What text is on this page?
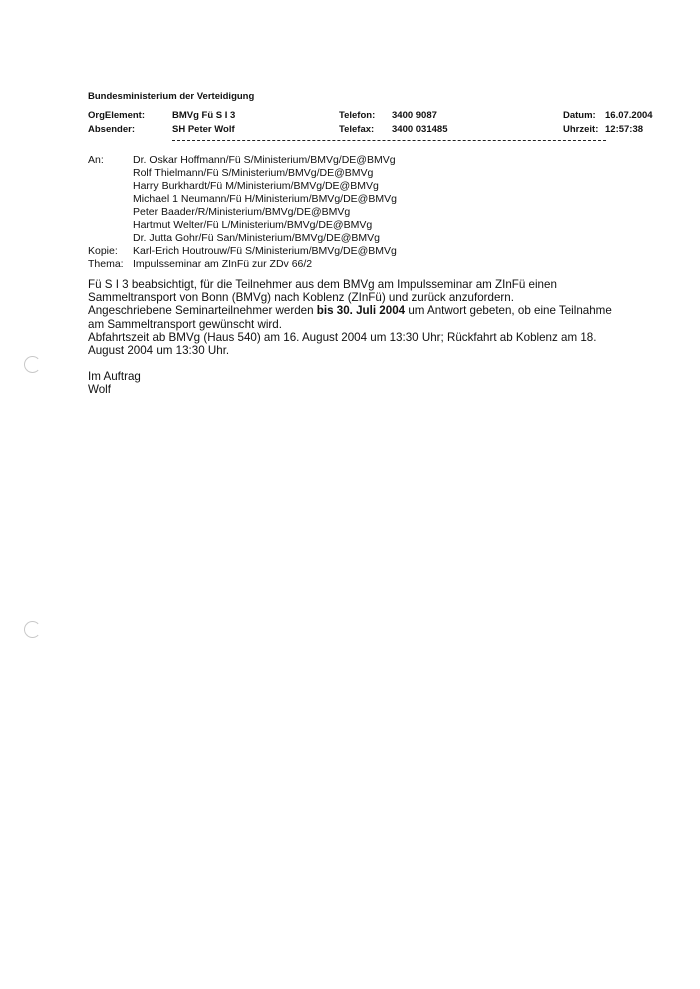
Bundesministerium der Verteidigung
OrgElement:	BMVg Fü S I 3	Telefon: 3400 9087	Datum: 16.07.2004
Absender:	SH Peter Wolf	Telefax: 3400 031485	Uhrzeit: 12:57:38
An:	Dr. Oskar Hoffmann/Fü S/Ministerium/BMVg/DE@BMVg
Rolf Thielmann/Fü S/Ministerium/BMVg/DE@BMVg
Harry Burkhardt/Fü M/Ministerium/BMVg/DE@BMVg
Michael 1 Neumann/Fü H/Ministerium/BMVg/DE@BMVg
Peter Baader/R/Ministerium/BMVg/DE@BMVg
Hartmut Welter/Fü L/Ministerium/BMVg/DE@BMVg
Dr. Jutta Gohr/Fü San/Ministerium/BMVg/DE@BMVg
Kopie: Karl-Erich Houtrouw/Fü S/Ministerium/BMVg/DE@BMVg
Thema: Impulsseminar am ZInFü zur ZDv 66/2

Fü S I 3 beabsichtigt, für die Teilnehmer aus dem BMVg am Impulsseminar am ZInFü einen Sammeltransport von Bonn (BMVg) nach Koblenz (ZInFü) und zurück anzufordern.

Angeschriebene Seminarteilnehmer werden bis 30. Juli 2004 um Antwort gebeten, ob eine Teilnahme am Sammeltransport gewünscht wird.

Abfahrtszeit ab BMVg (Haus 540) am 16. August 2004 um 13:30 Uhr; Rückfahrt ab Koblenz am 18. August 2004 um 13:30 Uhr.

Im Auftrag
Wolf
